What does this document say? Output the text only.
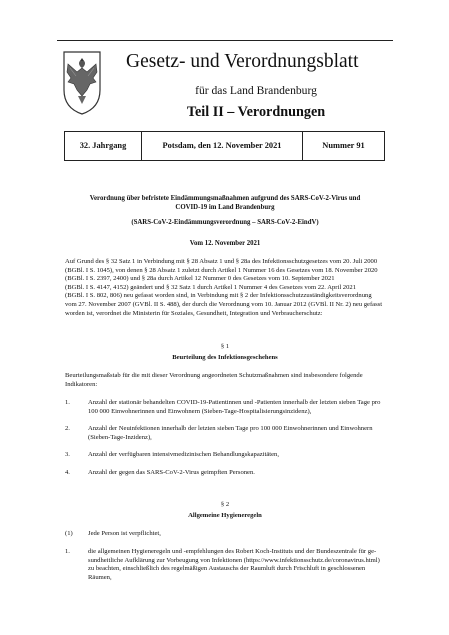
Gesetz- und Verordnungsblatt
für das Land Brandenburg
Teil II – Verordnungen
32. Jahrgang	Potsdam, den 12. November 2021	Nummer 91
Verordnung über befristete Eindämmungsmaßnahmen aufgrund des SARS-CoV-2-Virus und
COVID-19 im Land Brandenburg
(SARS-CoV-2-Eindämmungsverordnung – SARS-CoV-2-EindV)
Vom 12. November 2021
Auf Grund des § 32 Satz 1 in Verbindung mit § 28 Absatz 1 und § 28a des Infektionsschutzgesetzes vom 20. Juli 2000
(BGBl. I S. 1045), von denen § 28 Absatz 1 zuletzt durch Artikel 1 Nummer 16 des Gesetzes vom 18. November 2020
(BGBl. I S. 2397, 2400) und § 28a durch Artikel 12 Nummer 0 des Gesetzes vom 10. September 2021
(BGBl. I S. 4147, 4152) geändert und § 32 Satz 1 durch Artikel 1 Nummer 4 des Gesetzes vom 22. April 2021
(BGBl. I S. 802, 806) neu gefasst worden sind, in Verbindung mit § 2 der Infektionsschutzzuständigkeitsverordnung
vom 27. November 2007 (GVBl. II S. 488), der durch die Verordnung vom 10. Januar 2012 (GVBl. II Nr. 2) neu gefasst
worden ist, verordnet die Ministerin für Soziales, Gesundheit, Integration und Verbraucherschutz:
§ 1
Beurteilung des Infektionsgeschehens
Beurteilungsmaßstab für die mit dieser Verordnung angeordneten Schutzmaßnahmen sind insbesondere folgende
Indikatoren:
1.	Anzahl der stationär behandelten COVID-19-Patientinnen und -Patienten innerhalb der letzten sieben Tage pro
100 000 Einwohnerinnen und Einwohnern (Sieben-Tage-Hospitalisierungsinzidenz),
2.	Anzahl der Neuinfektionen innerhalb der letzten sieben Tage pro 100 000 Einwohnerinnen und Einwohnern
(Sieben-Tage-Inzidenz),
3.	Anzahl der verfügbaren intensivmedizinischen Behandlungskapazitäten,
4.	Anzahl der gegen das SARS-CoV-2-Virus geimpften Personen.
§ 2
Allgemeine Hygieneregeln
(1) Jede Person ist verpflichtet,
1.	die allgemeinen Hygieneregeln und -empfehlungen des Robert Koch-Instituts und der Bundeszentrale für ge-
sundheitliche Aufklärung zur Vorbeugung von Infektionen (https://www.infektionsschutz.de/coronavirus.html)
zu beachten, einschließlich des regelmäßigen Austauschs der Raumluft durch Frischluft in geschlossenen
Räumen,
